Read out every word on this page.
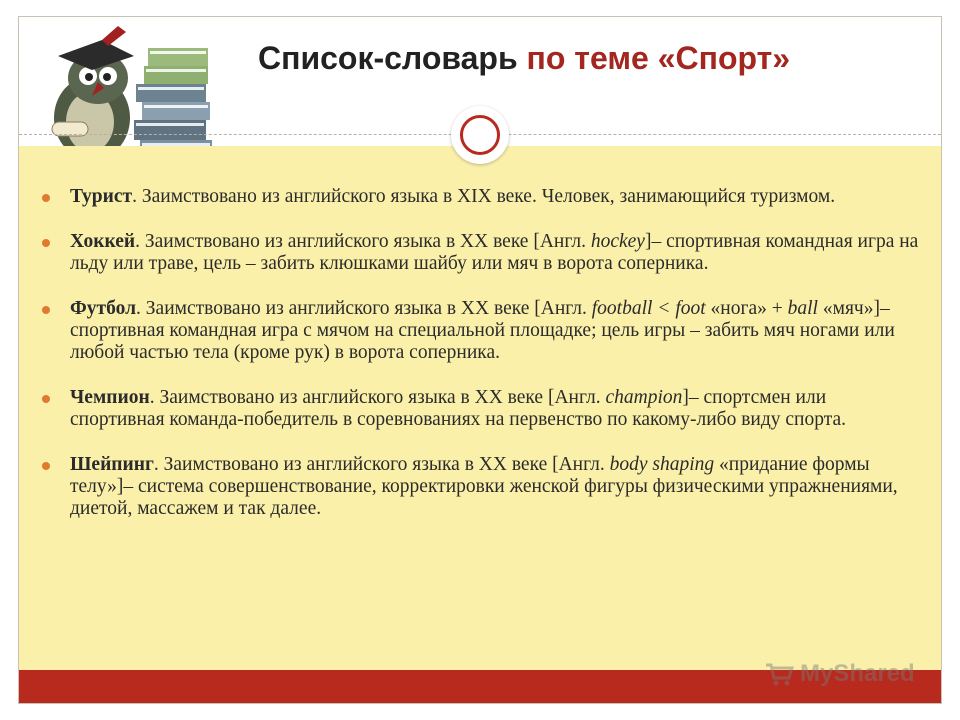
Список-словарь по теме «Спорт»
Турист. Заимствовано из английского языка в XIX веке. Человек, занимающийся туризмом.
Хоккей. Заимствовано из английского языка в XX веке [Англ. hockey]– спортивная командная игра на льду или траве, цель – забить клюшками шайбу или мяч в ворота соперника.
Футбол. Заимствовано из английского языка в XX веке [Англ. football < foot «нога» + ball «мяч»]– спортивная командная игра с мячом на специальной площадке; цель игры – забить мяч ногами или любой частью тела (кроме рук) в ворота соперника.
Чемпион. Заимствовано из английского языка в XX веке [Англ. champion]– спортсмен или спортивная команда-победитель в соревнованиях на первенство по какому-либо виду спорта.
Шейпинг. Заимствовано из английского языка в XX веке [Англ. body shaping «придание формы телу»]– система совершенствование, корректировки женской фигуры физическими упражнениями, диетой, массажем и так далее.
MyShared
